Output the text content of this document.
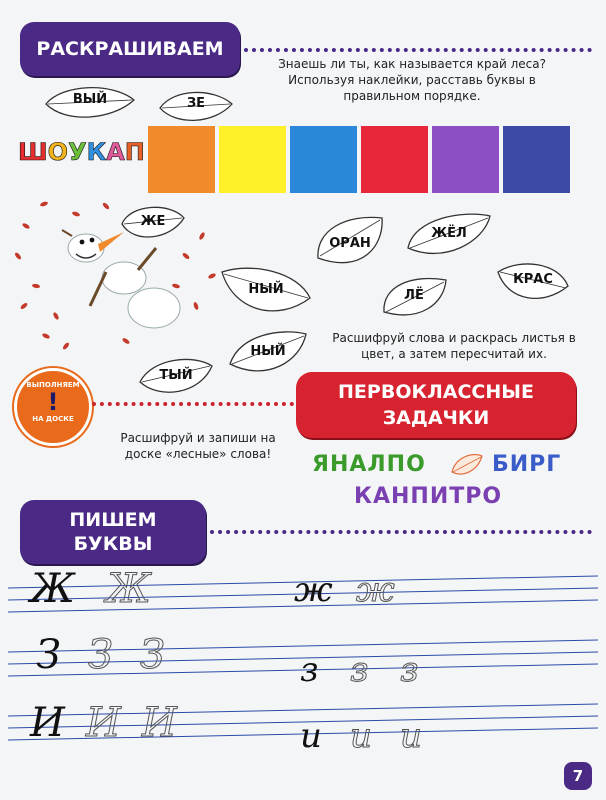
РАСКРАШИВАЕМ
Знаешь ли ты, как называется край леса? Используя наклейки, расставь буквы в правильном порядке.
ВЫЙ	ЗЕ
Ш О У К А П
ЖЕ
ОРАН
ЖЁЛ
КРАС
НЫЙ	ЛЁ
НЫЙ
ТЫЙ
Расшифруй слова и раскрась листья в цвет, а затем пересчитай их.
ВЫПОЛНЯЕМ
!
НА ДОСКЕ
ПЕРВОКЛАССНЫЕ
ЗАДАЧКИ
Расшифруй и запиши на доске «лесные» слова!	ЯНАЛПО	БИРГ
КАНПИТРО
ПИШЕМ
БУКВЫ
Ж Ж	ж ж
З З З	з з з
И И И	и и и
7
